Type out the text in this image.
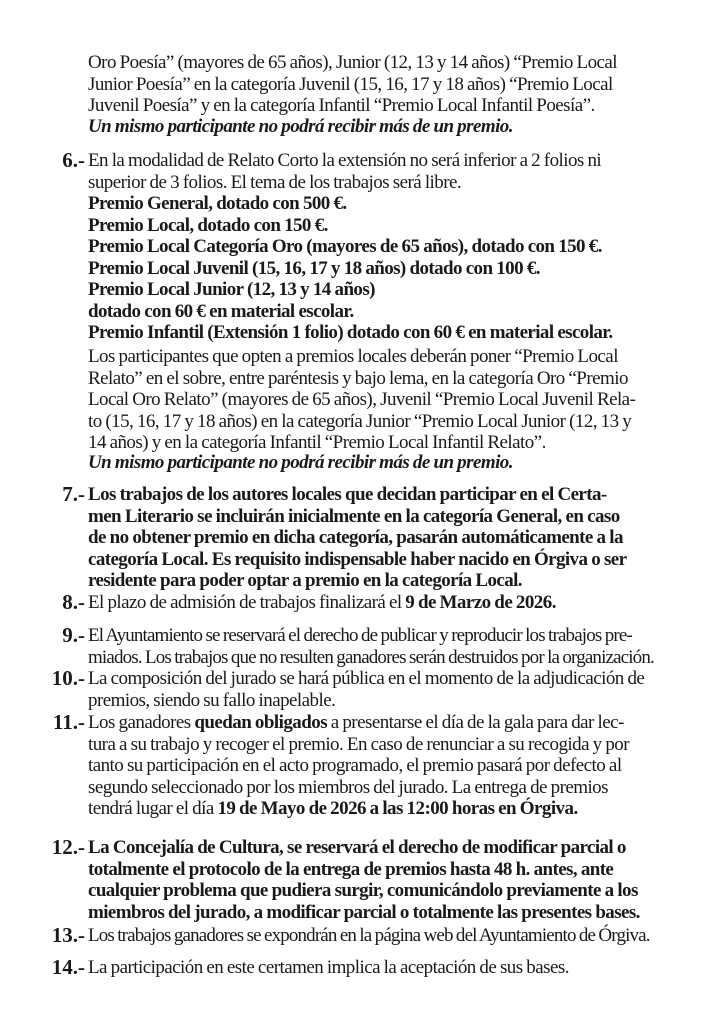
Oro Poesía” (mayores de 65 años), Junior (12, 13 y 14 años) “Premio Local
Junior Poesía” en la categoría Juvenil (15, 16, 17 y 18 años) “Premio Local
Juvenil Poesía” y en la categoría Infantil “Premio Local Infantil Poesía”.
Un mismo participante no podrá recibir más de un premio.
6.- En la modalidad de Relato Corto la extensión no será inferior a 2 folios ni
superior de 3 folios. El tema de los trabajos será libre.
Premio General, dotado con 500 €.
Premio Local, dotado con 150 €.
Premio Local Categoría Oro (mayores de 65 años), dotado con 150 €.
Premio Local Juvenil (15, 16, 17 y 18 años) dotado con 100 €.
Premio Local Junior (12, 13 y 14 años)
dotado con 60 € en material escolar.
Premio Infantil (Extensión 1 folio) dotado con 60 € en material escolar.
Los participantes que opten a premios locales deberán poner “Premio Local
Relato” en el sobre, entre paréntesis y bajo lema, en la categoría Oro “Premio
Local Oro Relato” (mayores de 65 años), Juvenil “Premio Local Juvenil Rela-
to (15, 16, 17 y 18 años) en la categoría Junior “Premio Local Junior (12, 13 y
14 años) y en la categoría Infantil “Premio Local Infantil Relato”.
Un mismo participante no podrá recibir más de un premio.
7.- Los trabajos de los autores locales que decidan participar en el Certa-
men Literario se incluirán inicialmente en la categoría General, en caso
de no obtener premio en dicha categoría, pasarán automáticamente a la
categoría Local. Es requisito indispensable haber nacido en Órgiva o ser
residente para poder optar a premio en la categoría Local.
8.- El plazo de admisión de trabajos finalizará el 9 de Marzo de 2026.
9.- El Ayuntamiento se reservará el derecho de publicar y reproducir los trabajos pre-
miados. Los trabajos que no resulten ganadores serán destruidos por la organización.
10.- La composición del jurado se hará pública en el momento de la adjudicación de
premios, siendo su fallo inapelable.
11.- Los ganadores quedan obligados a presentarse el día de la gala para dar lec-
tura a su trabajo y recoger el premio. En caso de renunciar a su recogida y por
tanto su participación en el acto programado, el premio pasará por defecto al
segundo seleccionado por los miembros del jurado. La entrega de premios
tendrá lugar el día 19 de Mayo de 2026 a las 12:00 horas en Órgiva.
12.- La Concejalía de Cultura, se reservará el derecho de modificar parcial o
totalmente el protocolo de la entrega de premios hasta 48 h. antes, ante
cualquier problema que pudiera surgir, comunicándolo previamente a los
miembros del jurado, a modificar parcial o totalmente las presentes bases.
13.- Los trabajos ganadores se expondrán en la página web del Ayuntamiento de Órgiva.
14.- La participación en este certamen implica la aceptación de sus bases.
